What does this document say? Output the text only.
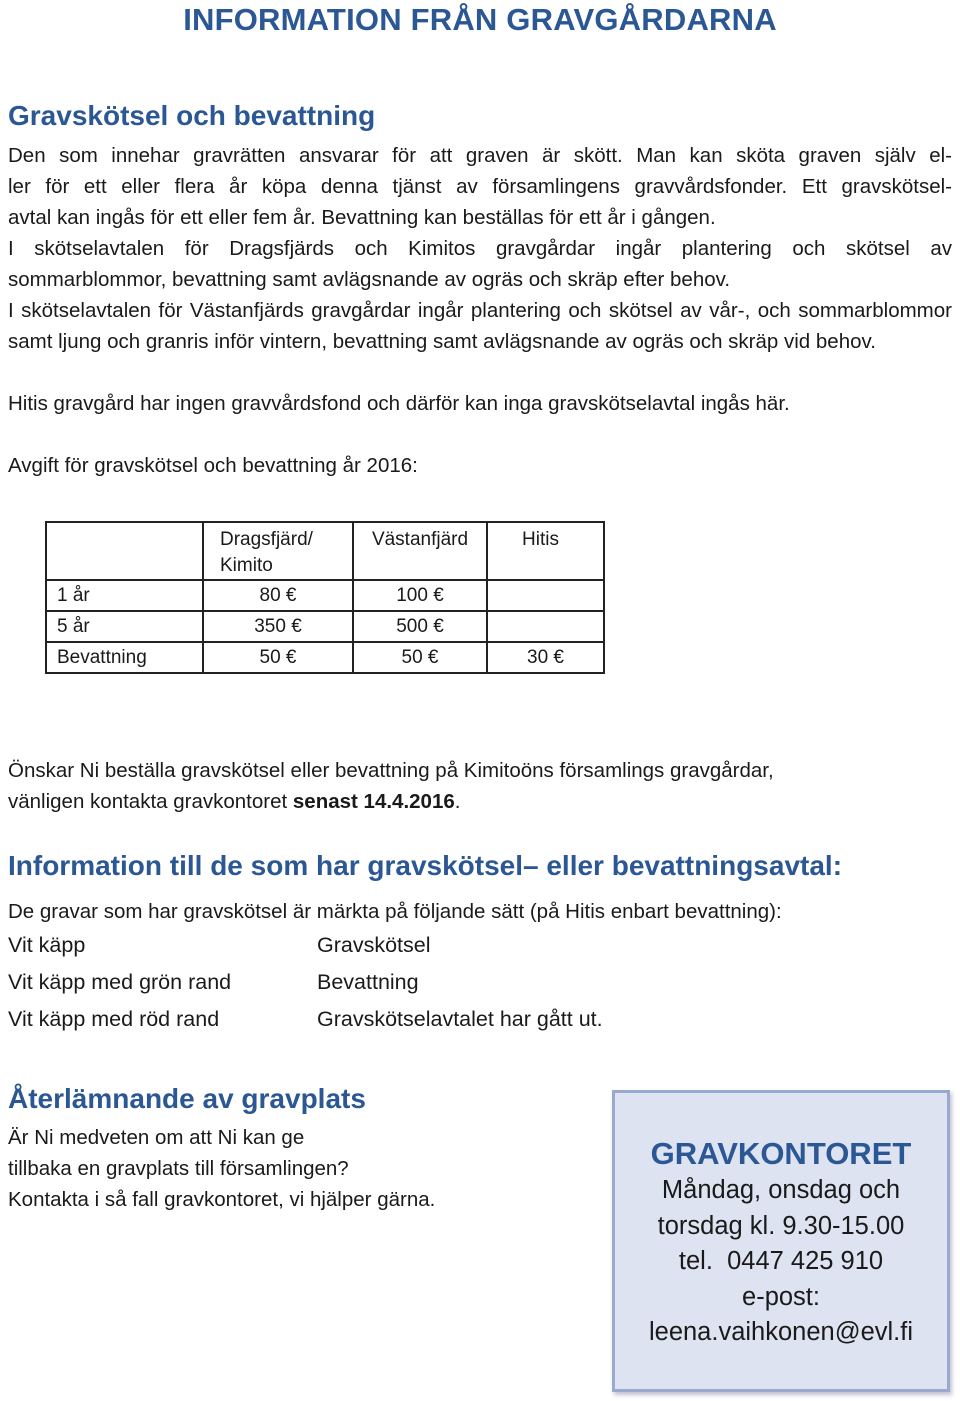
INFORMATION FRÅN GRAVGÅRDARNA
Gravskötsel och bevattning
Den som innehar gravrätten ansvarar för att graven är skött. Man kan sköta graven själv el-
ler för ett eller flera år köpa denna tjänst av församlingens gravvårdsfonder. Ett gravskötsel-
avtal kan ingås för ett eller fem år. Bevattning kan beställas för ett år i gången.

I skötselavtalen för Dragsfjärds och Kimitos gravgårdar ingår plantering och skötsel av sommarblommor, bevattning samt avlägsnande av ogräs och skräp efter behov.

I skötselavtalen för Västanfjärds gravgårdar ingår plantering och skötsel av vår-, och sommarblommor samt ljung och granris inför vintern, bevattning samt avlägsnande av ogräs och skräp vid behov.

Hitis gravgård har ingen gravvårdsfond och därför kan inga gravskötselavtal ingås här.

Avgift för gravskötsel och bevattning år 2016:

	Dragsfjärd/ Kimito	Västanfjärd	Hitis
1 år	80 €	100 €	
5 år	350 €	500 €	
Bevattning	50 €	50 €	30 €
Önskar Ni beställa gravskötsel eller bevattning på Kimitoöns församlings gravgårdar,
vänligen kontakta gravkontoret senast 14.4.2016.
Information till de som har gravskötsel– eller bevattningsavtal:

De gravar som har gravskötsel är märkta på följande sätt (på Hitis enbart bevattning):

Vit käpp	Gravskötsel
Vit käpp med grön rand	Bevattning
Vit käpp med röd rand	Gravskötselavtalet har gått ut.
Återlämnande av gravplats
Är Ni medveten om att Ni kan ge
tillbaka en gravplats till församlingen?
Kontakta i så fall gravkontoret, vi hjälper gärna.
GRAVKONTORET
Måndag, onsdag och
torsdag kl. 9.30-15.00
tel.  0447 425 910
e-post:
leena.vaihkonen@evl.fi
